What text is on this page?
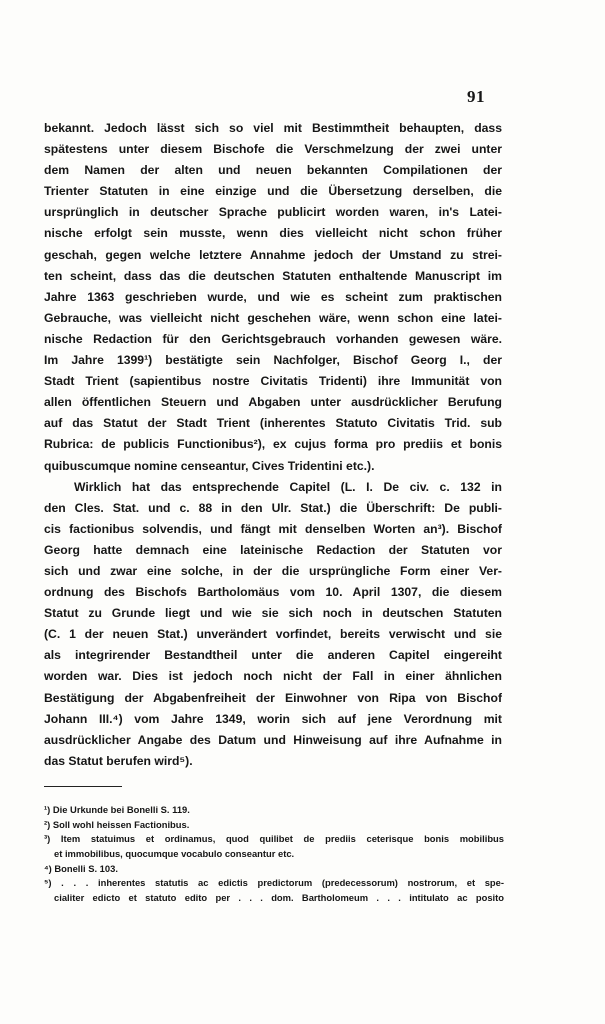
91
bekannt. Jedoch lässt sich so viel mit Bestimmtheit behaupten, dass
spätestens unter diesem Bischofe die Verschmelzung der zwei unter
dem Namen der alten und neuen bekannten Compilationen der
Trienter Statuten in eine einzige und die Übersetzung derselben, die
ursprünglich in deutscher Sprache publicirt worden waren, in's Latei-
nische erfolgt sein musste, wenn dies vielleicht nicht schon früher
geschah, gegen welche letztere Annahme jedoch der Umstand zu strei-
ten scheint, dass das die deutschen Statuten enthaltende Manuscript im
Jahre 1363 geschrieben wurde, und wie es scheint zum praktischen
Gebrauche, was vielleicht nicht geschehen wäre, wenn schon eine latei-
nische Redaction für den Gerichtsgebrauch vorhanden gewesen wäre.
Im Jahre 1399¹) bestätigte sein Nachfolger, Bischof Georg I., der
Stadt Trient (sapientibus nostre Civitatis Tridenti) ihre Immunität von
allen öffentlichen Steuern und Abgaben unter ausdrücklicher Berufung
auf das Statut der Stadt Trient (inherentes Statuto Civitatis Trid. sub
Rubrica: de publicis Functionibus²), ex cujus forma pro prediis et bonis
quibuscumque nomine censeantur, Cives Tridentini etc.).
Wirklich hat das entsprechende Capitel (L. I. De civ. c. 132 in
den Cles. Stat. und c. 88 in den Ulr. Stat.) die Überschrift: De publi-
cis factionibus solvendis, und fängt mit denselben Worten an³). Bischof
Georg hatte demnach eine lateinische Redaction der Statuten vor
sich und zwar eine solche, in der die ursprüngliche Form einer Ver-
ordnung des Bischofs Bartholomäus vom 10. April 1307, die diesem
Statut zu Grunde liegt und wie sie sich noch in deutschen Statuten
(C. 1 der neuen Stat.) unverändert vorfindet, bereits verwischt und sie
als integrirender Bestandtheil unter die anderen Capitel eingereiht
worden war. Dies ist jedoch noch nicht der Fall in einer ähnlichen
Bestätigung der Abgabenfreiheit der Einwohner von Ripa von Bischof
Johann III.⁴) vom Jahre 1349, worin sich auf jene Verordnung mit
ausdrücklicher Angabe des Datum und Hinweisung auf ihre Aufnahme in
das Statut berufen wird⁵).
¹) Die Urkunde bei Bonelli S. 119.
²) Soll wohl heissen Factionibus.
³) Item statuimus et ordinamus, quod quilibet de prediis ceterisque bonis mobilibus
et immobilibus, quocumque vocabulo conseantur etc.
⁴) Bonelli S. 103.
⁵) . . . inherentes statutis ac edictis predictorum (predecessorum) nostrorum, et spe-
cialiter edicto et statuto edito per . . . dom. Bartholomeum . . . intitulato ac posito
